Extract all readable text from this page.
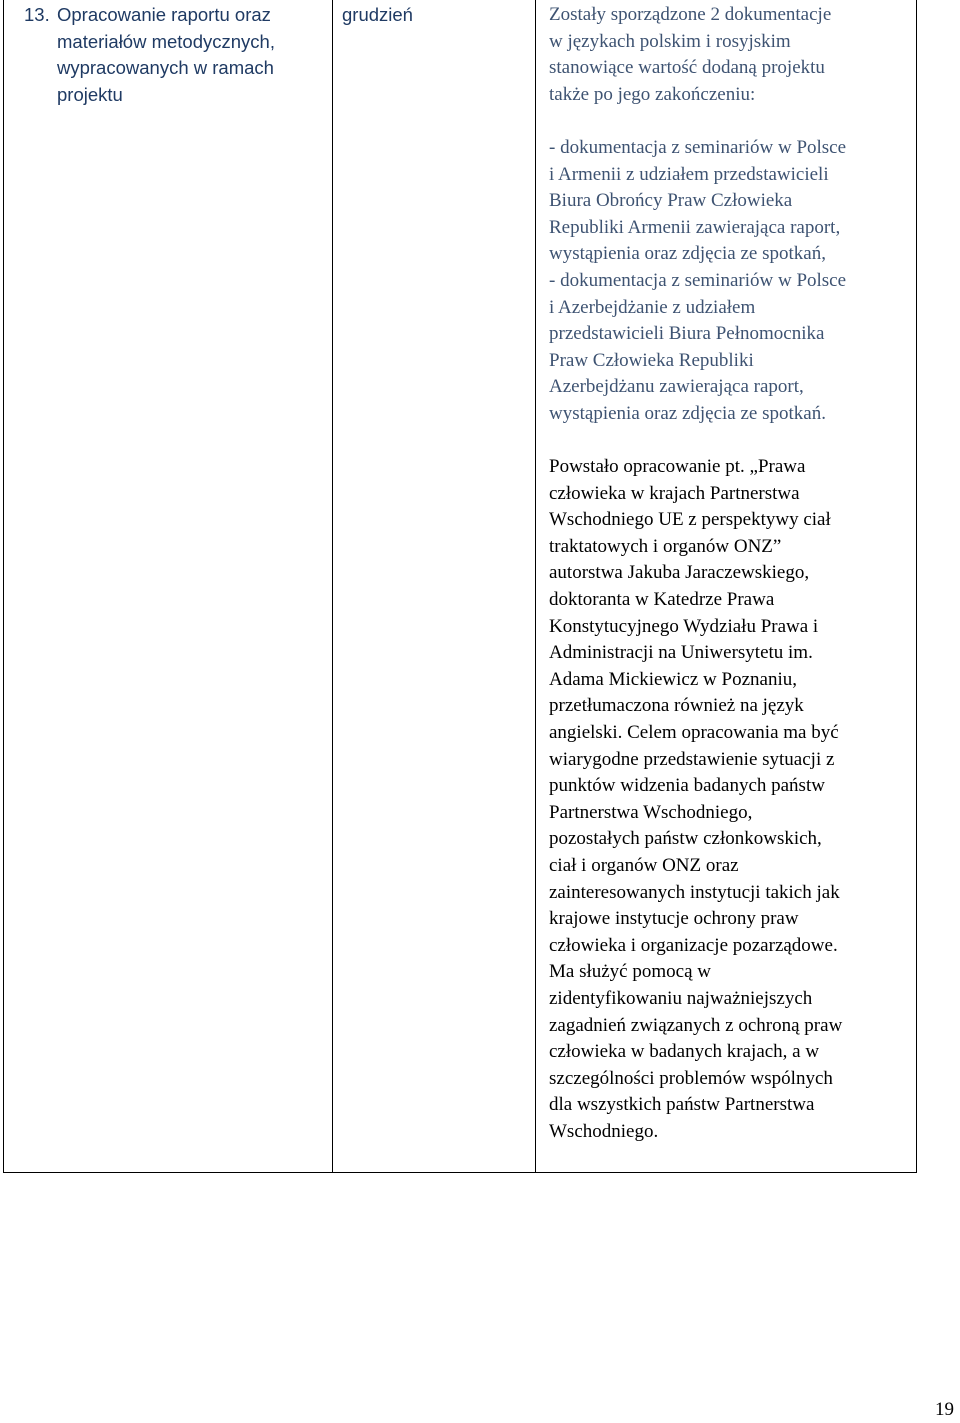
13. Opracowanie raportu oraz
materiałów metodycznych,
wypracowanych w ramach
projektu
grudzień	Zostały sporządzone 2 dokumentacje
w językach polskim i rosyjskim
stanowiące wartość dodaną projektu
także po jego zakończeniu:
- dokumentacja z seminariów w Polsce
i Armenii z udziałem przedstawicieli
Biura Obrońcy Praw Człowieka
Republiki Armenii zawierająca raport,
wystąpienia oraz zdjęcia ze spotkań,
- dokumentacja z seminariów w Polsce
i Azerbejdżanie z udziałem
przedstawicieli Biura Pełnomocnika
Praw Człowieka Republiki
Azerbejdżanu zawierająca raport,
wystąpienia oraz zdjęcia ze spotkań.
Powstało opracowanie pt. „Prawa
człowieka w krajach Partnerstwa
Wschodniego UE z perspektywy ciał
traktatowych i organów ONZ”
autorstwa Jakuba Jaraczewskiego,
doktoranta w Katedrze Prawa
Konstytucyjnego Wydziału Prawa i
Administracji na Uniwersytetu im.
Adama Mickiewicz w Poznaniu,
przetłumaczona również na język
angielski. Celem opracowania ma być
wiarygodne przedstawienie sytuacji z
punktów widzenia badanych państw
Partnerstwa Wschodniego,
pozostałych państw członkowskich,
ciał i organów ONZ oraz
zainteresowanych instytucji takich jak
krajowe instytucje ochrony praw
człowieka i organizacje pozarządowe.
Ma służyć pomocą w
zidentyfikowaniu najważniejszych
zagadnień związanych z ochroną praw
człowieka w badanych krajach, a w
szczególności problemów wspólnych
dla wszystkich państw Partnerstwa
Wschodniego.
19
